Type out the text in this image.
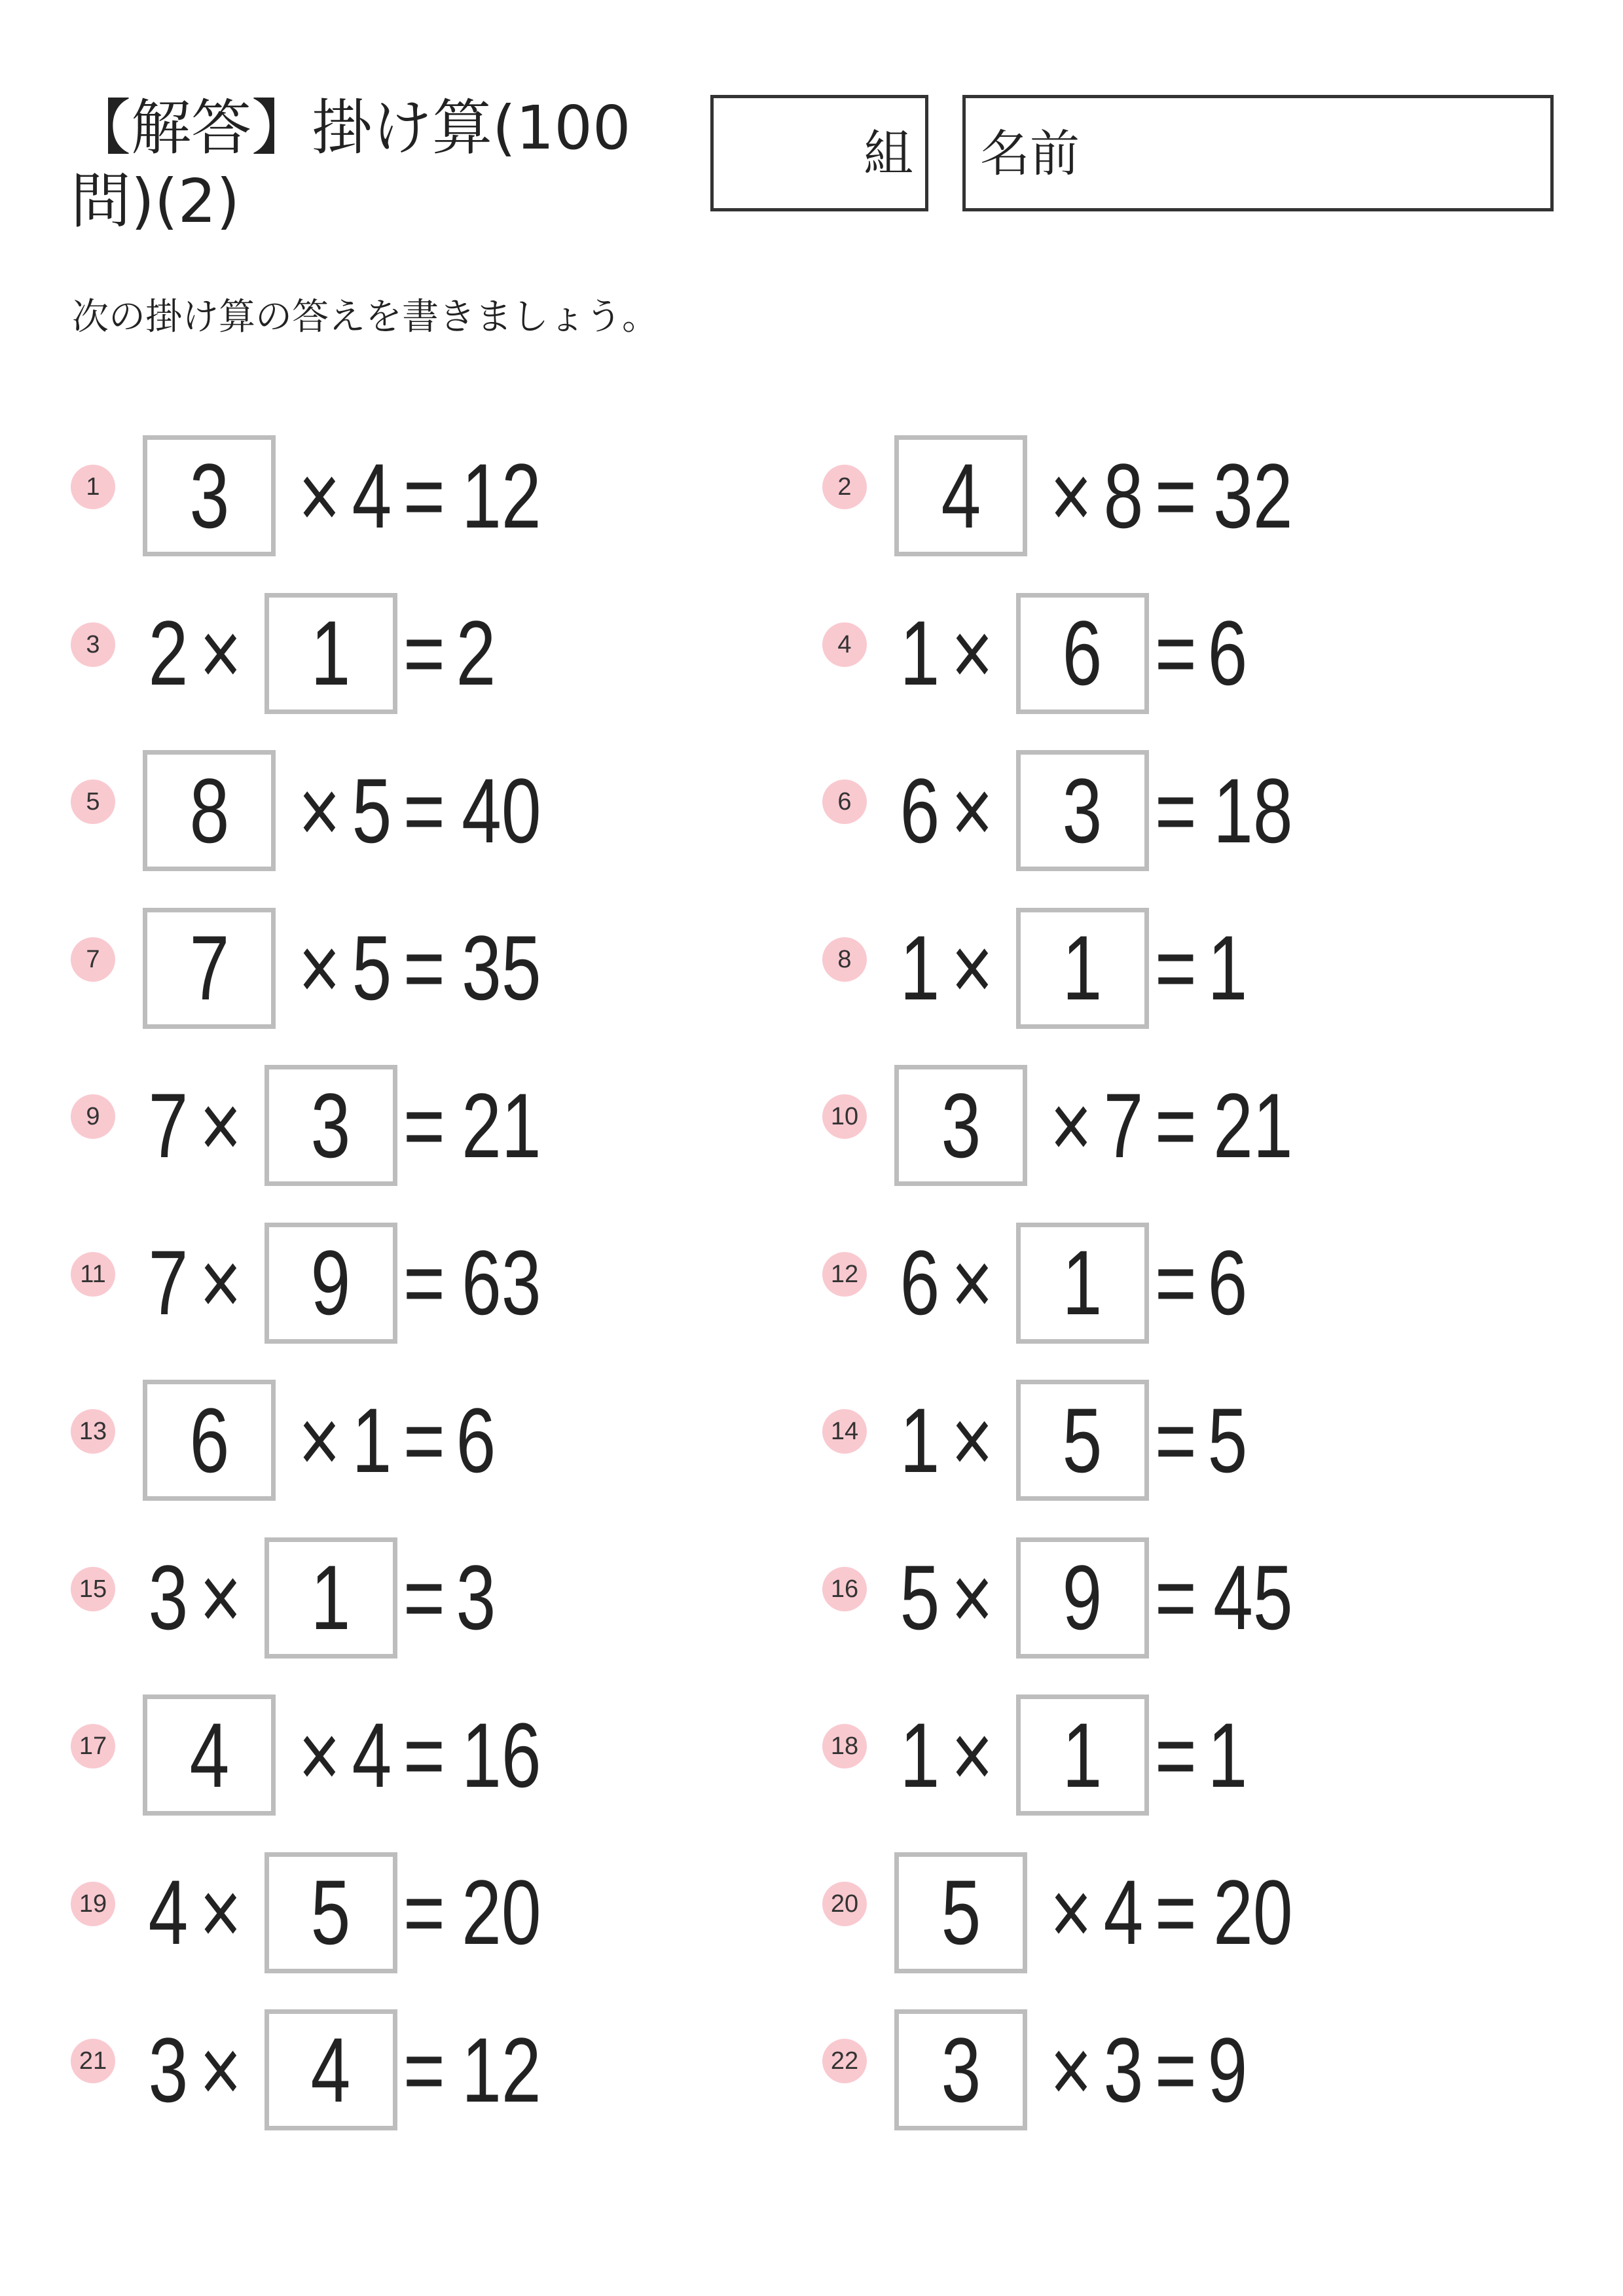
【解答】掛け算(100問)(2)
組 名前

次の掛け算の答えを書きましょう。

1 3 × 4 = 12	2 4 × 8 = 32
3 2 × 1 = 2	4 1 × 6 = 6
5 8 × 5 = 40	6 6 × 3 = 18
7 7 × 5 = 35	8 1 × 1 = 1
9 7 × 3 = 21	10 3 × 7 = 21
11 7 × 9 = 63	12 6 × 1 = 6
13 6 × 1 = 6	14 1 × 5 = 5
15 3 × 1 = 3	16 5 × 9 = 45
17 4 × 4 = 16	18 1 × 1 = 1
19 4 × 5 = 20	20 5 × 4 = 20
21 3 × 4 = 12	22 3 × 3 = 9
